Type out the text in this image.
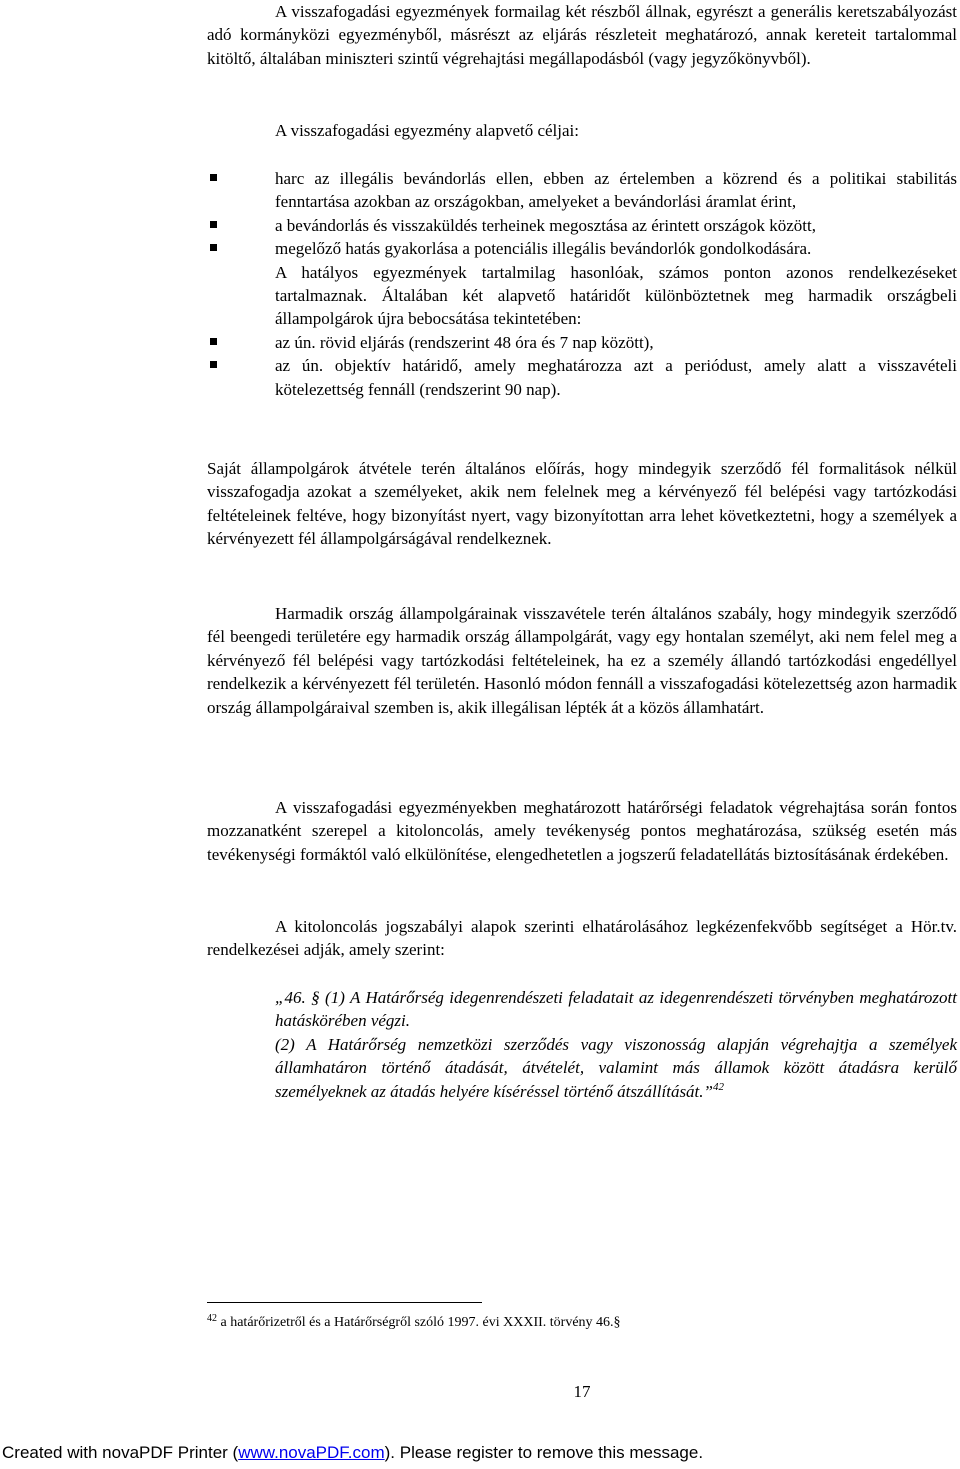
A visszafogadási egyezmények formailag két részből állnak, egyrészt a generális keretszabályozást adó kormányközi egyezményből, másrészt az eljárás részleteit meghatározó, annak kereteit tartalommal kitöltő, általában miniszteri szintű végrehajtási megállapodásból (vagy jegyzőkönyvből).

A visszafogadási egyezmény alapvető céljai:

harc az illegális bevándorlás ellen, ebben az értelemben a közrend és a politikai stabilitás fenntartása azokban az országokban, amelyeket a bevándorlási áramlat érint,

a bevándorlás és visszaküldés terheinek megosztása az érintett országok között,

megelőző hatás gyakorlása a potenciális illegális bevándorlók gondolkodására.

A hatályos egyezmények tartalmilag hasonlóak, számos ponton azonos rendelkezéseket tartalmaznak. Általában két alapvető határidőt különböztetnek meg harmadik országbeli állampolgárok újra bebocsátása tekintetében:

az ún. rövid eljárás (rendszerint 48 óra és 7 nap között),

az ún. objektív határidő, amely meghatározza azt a periódust, amely alatt a visszavételi kötelezettség fennáll (rendszerint 90 nap).

Saját állampolgárok átvétele terén általános előírás, hogy mindegyik szerződő fél formalitások nélkül visszafogadja azokat a személyeket, akik nem felelnek meg a kérvényező fél belépési vagy tartózkodási feltételeinek feltéve, hogy bizonyítást nyert, vagy bizonyítottan arra lehet következtetni, hogy a személyek a kérvényezett fél állampolgárságával rendelkeznek.

Harmadik ország állampolgárainak visszavétele terén általános szabály, hogy mindegyik szerződő fél beengedi területére egy harmadik ország állampolgárát, vagy egy hontalan személyt, aki nem felel meg a kérvényező fél belépési vagy tartózkodási feltételeinek, ha ez a személy állandó tartózkodási engedéllyel rendelkezik a kérvényezett fél területén. Hasonló módon fennáll a visszafogadási kötelezettség azon harmadik ország állampolgáraival szemben is, akik illegálisan lépték át a közös államhatárt.

A visszafogadási egyezményekben meghatározott határőrségi feladatok végrehajtása során fontos mozzanatként szerepel a kitoloncolás, amely tevékenység pontos meghatározása, szükség esetén más tevékenységi formáktól való elkülönítése, elengedhetetlen a jogszerű feladatellátás biztosításának érdekében.

A kitoloncolás jogszabályi alapok szerinti elhatárolásához legkézenfekvőbb segítséget a Hör.tv. rendelkezései adják, amely szerint:

„46. § (1) A Határőrség idegenrendészeti feladatait az idegenrendészeti törvényben meghatározott hatáskörében végzi.

(2) A Határőrség nemzetközi szerződés vagy viszonosság alapján végrehajtja a személyek államhatáron történő átadását, átvételét, valamint más államok között átadásra kerülő személyeknek az átadás helyére kíséréssel történő átszállítását.”$^{42}$

$^{42}$ a határőrizetről és a Határőrségről szóló 1997. évi XXXII. törvény 46.§
17
Created with novaPDF Printer (www.novaPDF.com). Please register to remove this message.
